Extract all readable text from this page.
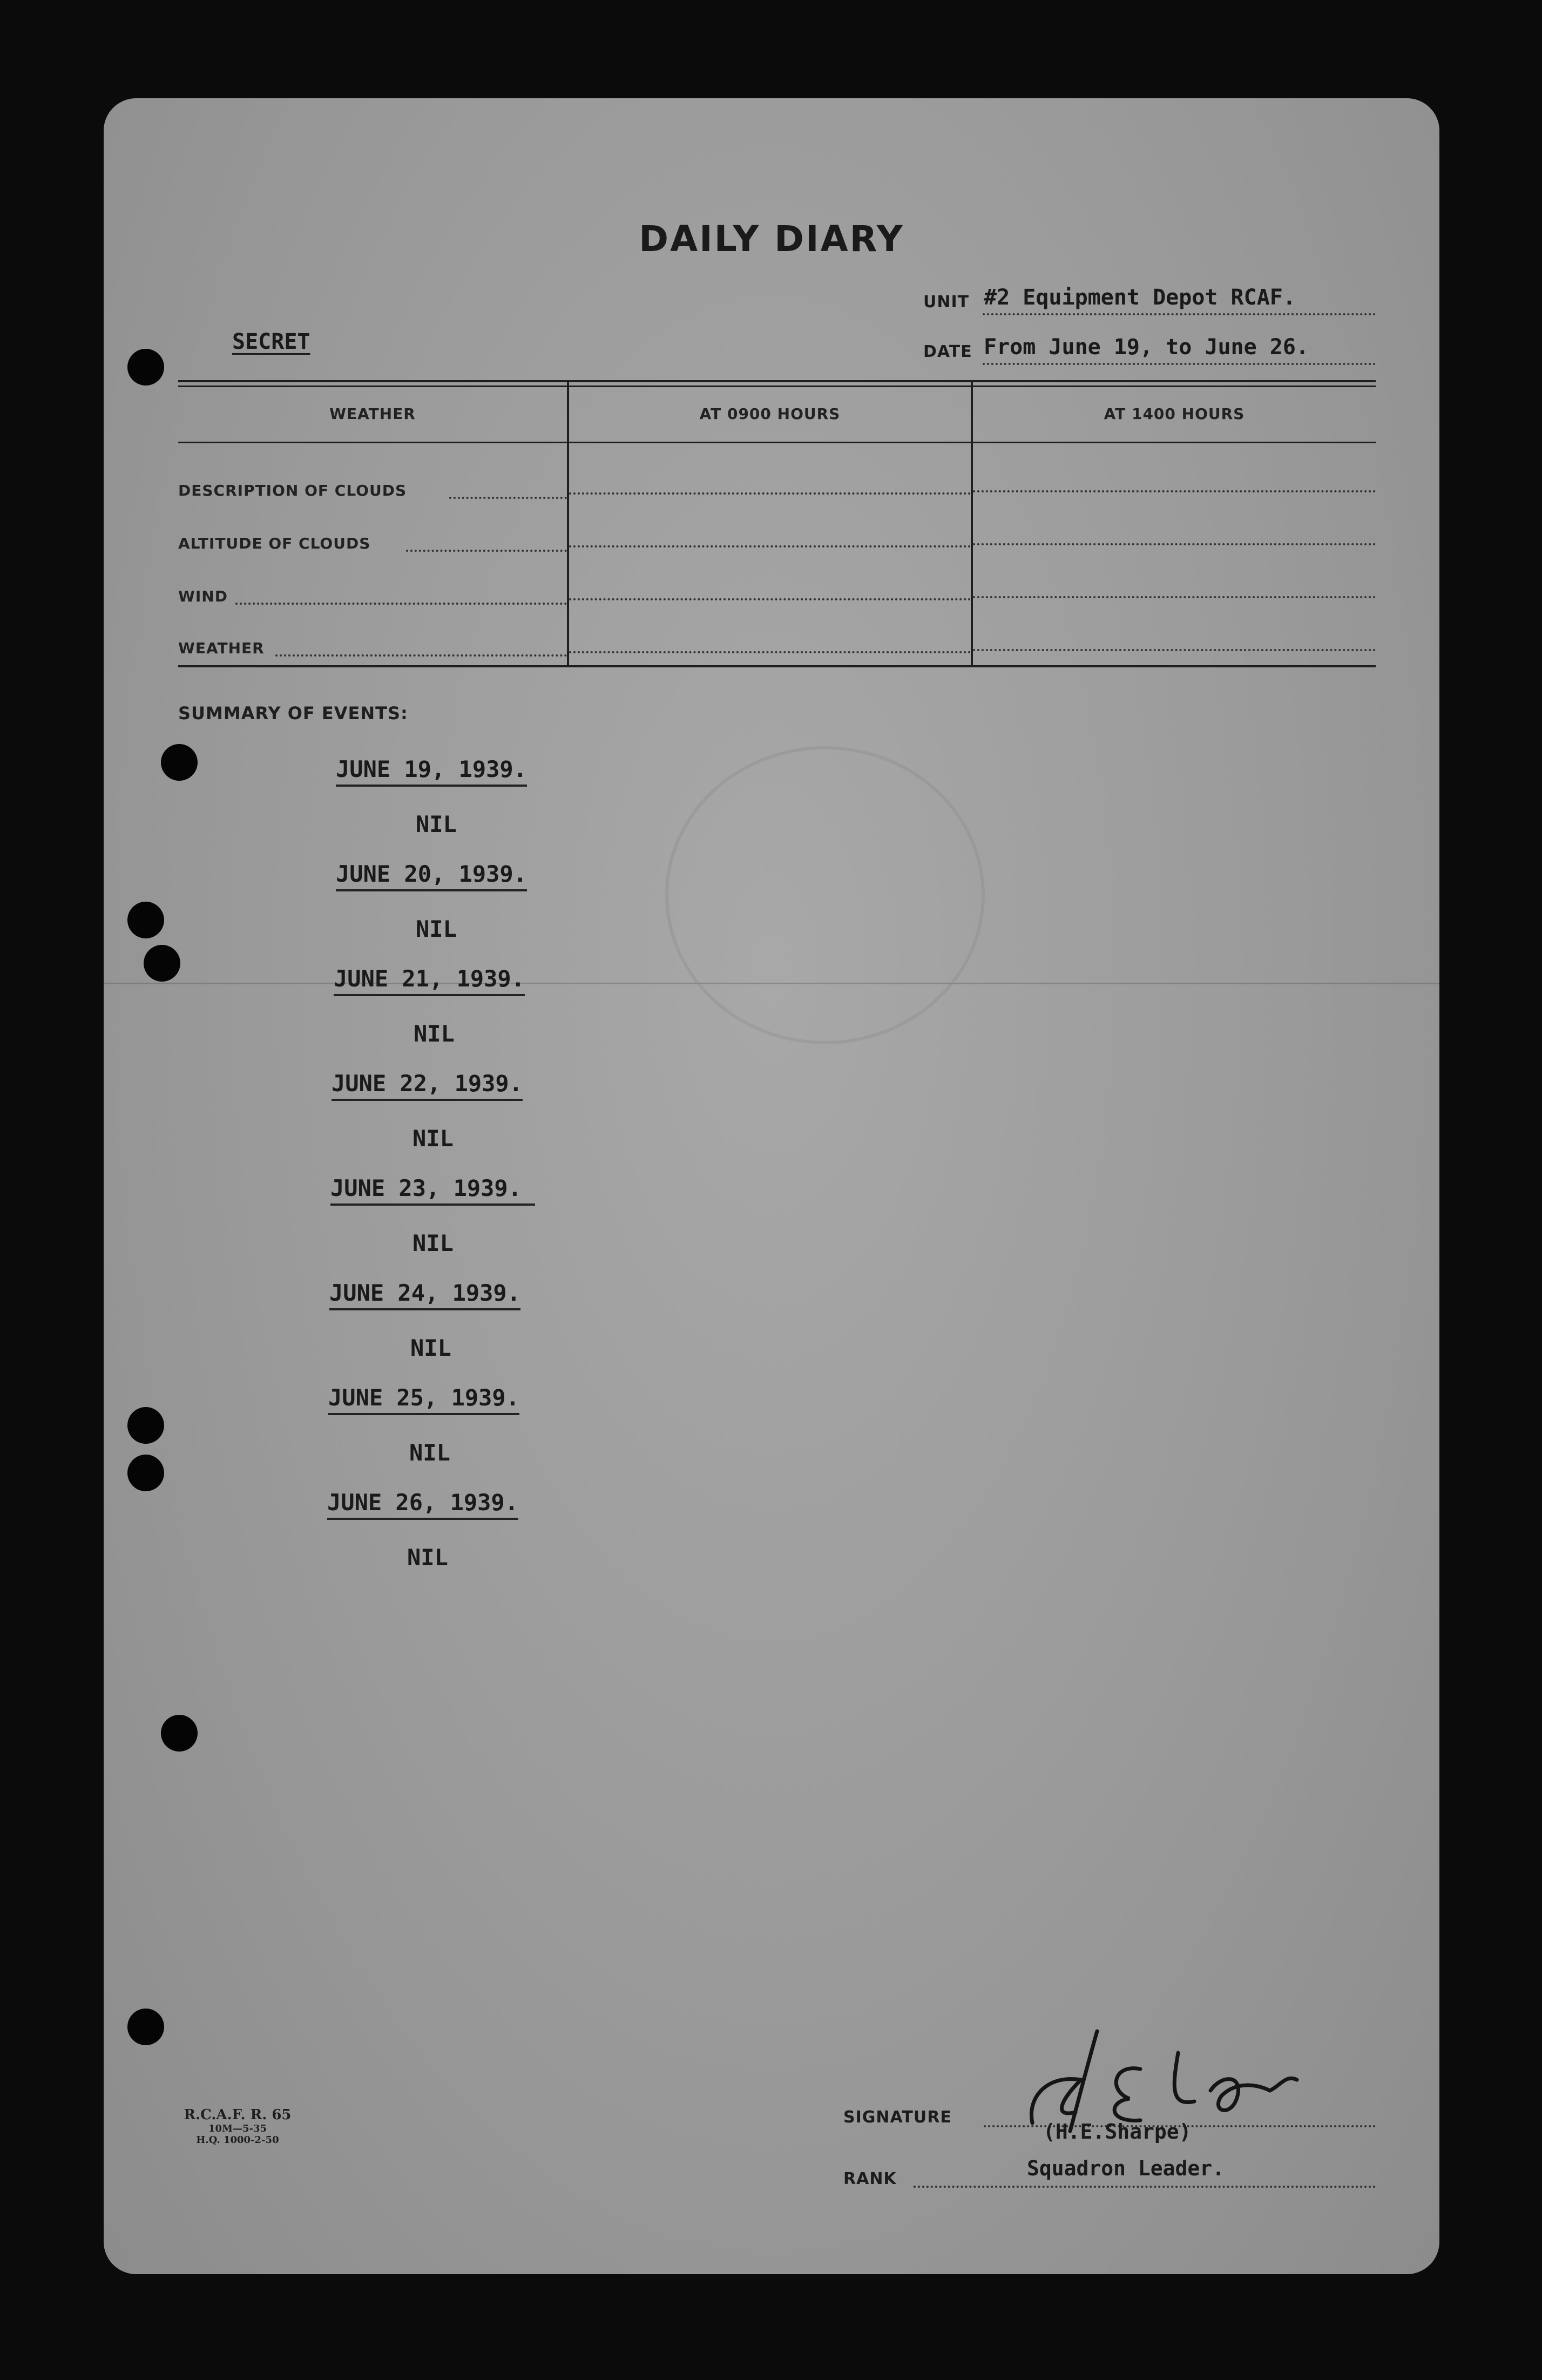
DAILY DIARY
UNIT #2 Equipment Depot RCAF.
SECRET	DATE From June 19, to June 26.
WEATHER	AT 0900 HOURS	AT 1400 HOURS
DESCRIPTION OF CLOUDS
ALTITUDE OF CLOUDS
WIND
WEATHER
SUMMARY OF EVENTS:
JUNE 19, 1939.
NIL
JUNE 20, 1939.
NIL
JUNE 21, 1939.
NIL
JUNE 22, 1939.
NIL
JUNE 23, 1939.
NIL
JUNE 24, 1939.
NIL
JUNE 25, 1939.
NIL
JUNE 26, 1939.
NIL
R.C.A.F. R. 65
10M—5-35
H.Q. 1000-2-50
SIGNATURE
(H.E.Sharpe)
RANK	Squadron Leader.
